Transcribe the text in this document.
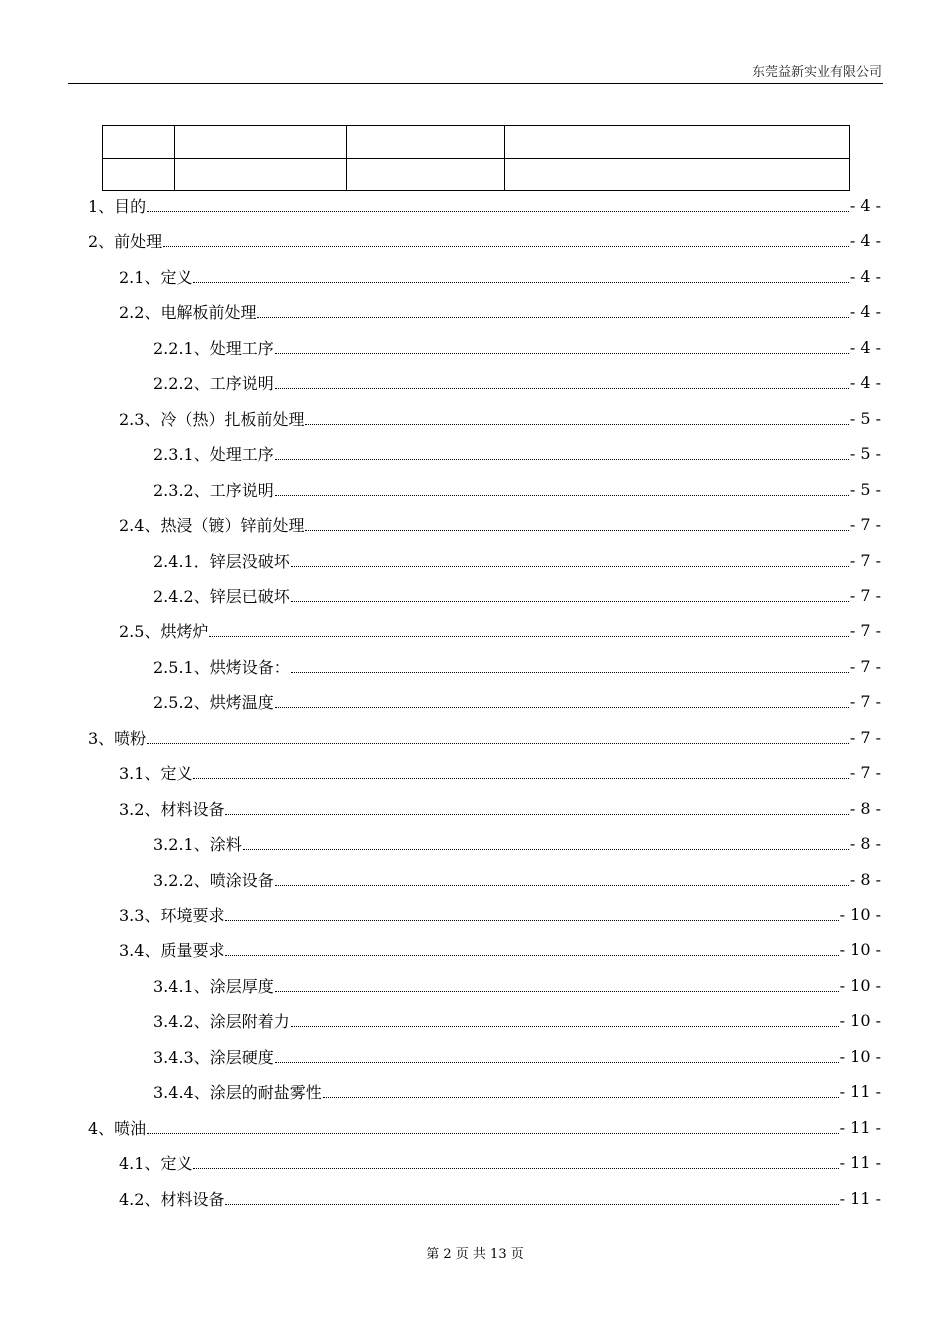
东莞益新实业有限公司

1、目的	- 4 -
2、前处理	- 4 -
2.1、定义	- 4 -
2.2、电解板前处理	- 4 -
2.2.1、处理工序	- 4 -
2.2.2、工序说明	- 4 -
2.3、冷（热）扎板前处理	- 5 -
2.3.1、处理工序	- 5 -
2.3.2、工序说明	- 5 -
2.4、热浸（镀）锌前处理	- 7 -
2.4.1．锌层没破坏	- 7 -
2.4.2、锌层已破坏	- 7 -
2.5、烘烤炉	- 7 -
2.5.1、烘烤设备：	- 7 -
2.5.2、烘烤温度	- 7 -
3、喷粉	- 7 -
3.1、定义	- 7 -
3.2、材料设备	- 8 -
3.2.1、涂料	- 8 -
3.2.2、喷涂设备	- 8 -
3.3、环境要求	- 10 -
3.4、质量要求	- 10 -
3.4.1、涂层厚度	- 10 -
3.4.2、涂层附着力	- 10 -
3.4.3、涂层硬度	- 10 -
3.4.4、涂层的耐盐雾性	- 11 -
4、喷油	- 11 -
4.1、定义	- 11 -
4.2、材料设备	- 11 -
第 2 页 共 13 页
